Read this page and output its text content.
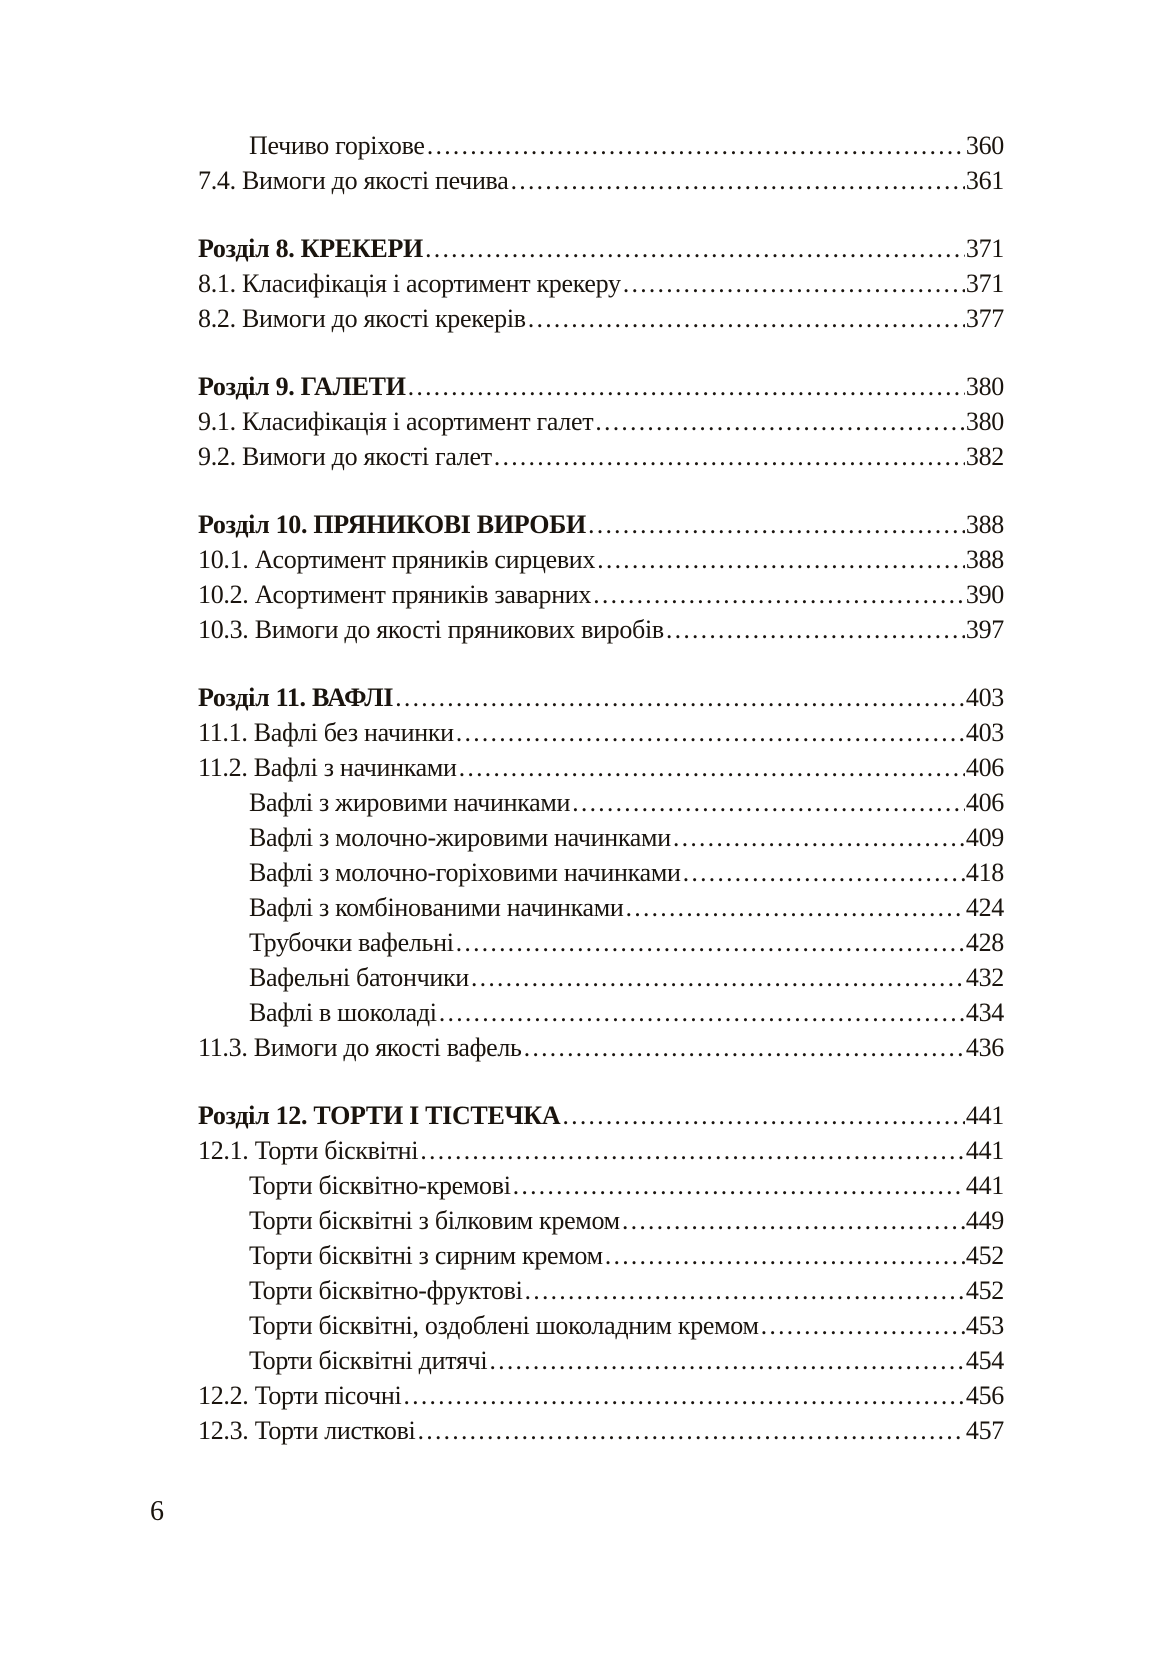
Печиво горіхове ……………………………………………………………………………………………………………………………………………………	360
7.4. Вимоги до якості печива ……………………………………………………………………………………………………………………………………………………	361
Розділ 8. КРЕКЕРИ ……………………………………………………………………………………………………………………………………………………	371
8.1. Класифікація і асортимент крекеру ……………………………………………………………………………………………………………………………………………………	371
8.2. Вимоги до якості крекерів ……………………………………………………………………………………………………………………………………………………	377
Розділ 9. ГАЛЕТИ ……………………………………………………………………………………………………………………………………………………	380
9.1. Класифікація і асортимент галет ……………………………………………………………………………………………………………………………………………………	380
9.2. Вимоги до якості галет ……………………………………………………………………………………………………………………………………………………	382
Розділ 10. ПРЯНИКОВІ ВИРОБИ ……………………………………………………………………………………………………………………………………………………	388
10.1. Асортимент пряників сирцевих ……………………………………………………………………………………………………………………………………………………	388
10.2. Асортимент пряників заварних ……………………………………………………………………………………………………………………………………………………	390
10.3. Вимоги до якості пряникових виробів ……………………………………………………………………………………………………………………………………………………	397
Розділ 11. ВАФЛІ ……………………………………………………………………………………………………………………………………………………	403
11.1. Вафлі без начинки ……………………………………………………………………………………………………………………………………………………	403
11.2. Вафлі з начинками ……………………………………………………………………………………………………………………………………………………	406
Вафлі з жировими начинками ……………………………………………………………………………………………………………………………………………………	406
Вафлі з молочно-жировими начинками ……………………………………………………………………………………………………………………………………………………	409
Вафлі з молочно-горіховими начинками ……………………………………………………………………………………………………………………………………………………	418
Вафлі з комбінованими начинками ……………………………………………………………………………………………………………………………………………………	424
Трубочки вафельні ……………………………………………………………………………………………………………………………………………………	428
Вафельні батончики ……………………………………………………………………………………………………………………………………………………	432
Вафлі в шоколаді ……………………………………………………………………………………………………………………………………………………	434
11.3. Вимоги до якості вафель ……………………………………………………………………………………………………………………………………………………	436
Розділ 12. ТОРТИ І ТІСТЕЧКА ……………………………………………………………………………………………………………………………………………………	441
12.1. Торти бісквітні ……………………………………………………………………………………………………………………………………………………	441
Торти бісквітно-кремові ……………………………………………………………………………………………………………………………………………………	441
Торти бісквітні з білковим кремом ……………………………………………………………………………………………………………………………………………………	449
Торти бісквітні з сирним кремом ……………………………………………………………………………………………………………………………………………………	452
Торти бісквітно-фруктові ……………………………………………………………………………………………………………………………………………………	452
Торти бісквітні, оздоблені шоколадним кремом ……………………………………………………………………………………………………………………………………………………	453
Торти бісквітні дитячі ……………………………………………………………………………………………………………………………………………………	454
12.2. Торти пісочні ……………………………………………………………………………………………………………………………………………………	456
12.3. Торти листкові ……………………………………………………………………………………………………………………………………………………	457
6
